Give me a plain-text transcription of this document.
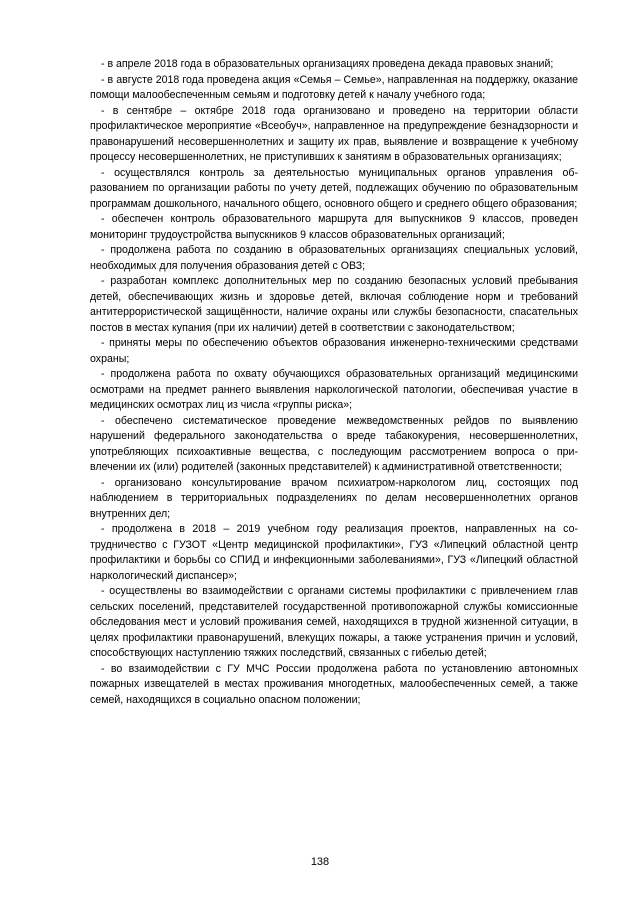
- в апреле 2018 года в образовательных организациях проведена декада правовых знаний;

- в августе 2018 года проведена акция «Семья – Семье», направленная на поддержку, оказание помощи малообеспеченным семьям и подготовку детей к началу учебного года;

- в сентябре – октябре 2018 года организовано и проведено на территории области профилактическое мероприятие «Всеобуч», направленное на предупреждение безнадзорности и правонарушений несовершеннолетних и защиту их прав, выявление и возвращение к учебному процессу несовершеннолетних, не приступивших к занятиям в образовательных организациях;

- осуществлялся контроль за деятельностью муниципальных органов управления образованием по организации работы по учету детей, подлежащих обучению по образовательным программам дошкольного, начального общего, основного общего и среднего общего образования;

- обеспечен контроль образовательного маршрута для выпускников 9 классов, проведен мониторинг трудоустройства выпускников 9 классов образовательных организаций;

- продолжена работа по созданию в образовательных организациях специальных условий, необходимых для получения образования детей с ОВЗ;

- разработан комплекс дополнительных мер по созданию безопасных условий пребывания детей, обеспечивающих жизнь и здоровье детей, включая соблюдение норм и требований антитеррористической защищённости, наличие охраны или службы безопасности, спасательных постов в местах купания (при их наличии) детей в соответствии с законодательством;

- приняты меры по обеспечению объектов образования инженерно-техническими средствами охраны;

- продолжена работа по охвату обучающихся образовательных организаций медицинскими осмотрами на предмет раннего выявления наркологической патологии, обеспечивая участие в медицинских осмотрах лиц из числа «группы риска»;

- обеспечено систематическое проведение межведомственных рейдов по выявлению нарушений федерального законодательства о вреде табакокурения, несовершеннолетних, употребляющих психоактивные вещества, с последующим рассмотрением вопроса о привлечении их (или) родителей (законных представителей) к административной ответственности;

- организовано консультирование врачом психиатром-наркологом лиц, состоящих под наблюдением в территориальных подразделениях по делам несовершеннолетних органов внутренних дел;

- продолжена в 2018 – 2019 учебном году реализация проектов, направленных на сотрудничество с ГУЗОТ «Центр медицинской профилактики», ГУЗ «Липецкий областной центр профилактики и борьбы со СПИД и инфекционными заболеваниями», ГУЗ «Липецкий областной наркологический диспансер»;

- осуществлены во взаимодействии с органами системы профилактики с привлечением глав сельских поселений, представителей государственной противопожарной службы комиссионные обследования мест и условий проживания семей, находящихся в трудной жизненной ситуации, в целях профилактики правонарушений, влекущих пожары, а также устранения причин и условий, способствующих наступлению тяжких последствий, связанных с гибелью детей;

- во взаимодействии с ГУ МЧС России продолжена работа по установлению автономных пожарных извещателей в местах проживания многодетных, малообеспеченных семей, а также семей, находящихся в социально опасном положении;

138
